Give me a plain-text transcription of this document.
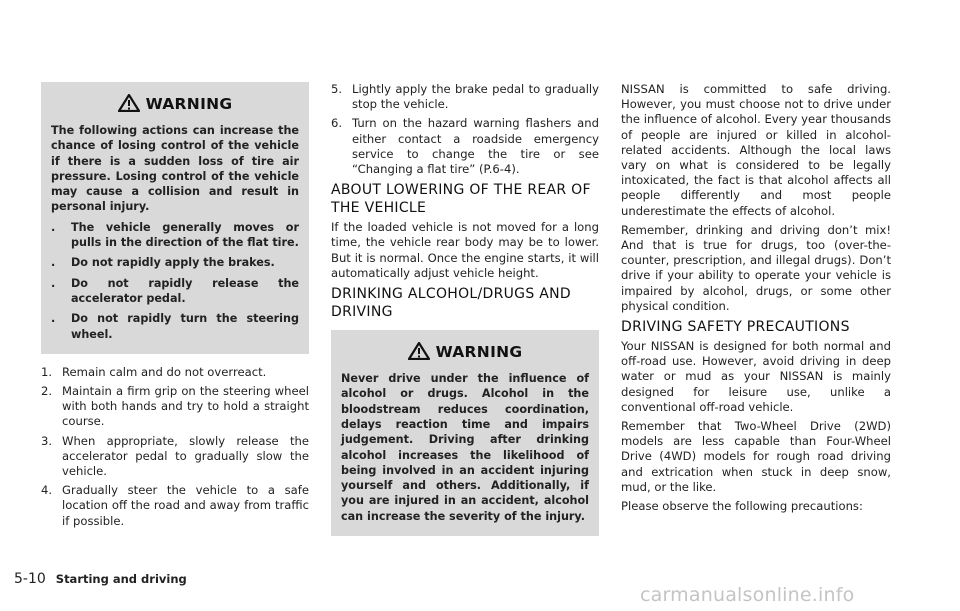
WARNING
The following actions can increase the chance of losing control of the vehicle if there is a sudden loss of tire air pressure. Losing control of the vehicle may cause a collision and result in personal injury.
.	The vehicle generally moves or pulls in the direction of the flat tire.
.	Do not rapidly apply the brakes.
.	Do not rapidly release the accelerator pedal.
.	Do not rapidly turn the steering wheel.
1. Remain calm and do not overreact.
2. Maintain a firm grip on the steering wheel with both hands and try to hold a straight course.
3. When appropriate, slowly release the accelerator pedal to gradually slow the vehicle.
4. Gradually steer the vehicle to a safe location off the road and away from traffic if possible.
5. Lightly apply the brake pedal to gradually stop the vehicle.
6. Turn on the hazard warning flashers and either contact a roadside emergency service to change the tire or see “Changing a flat tire” (P.6-4).
ABOUT LOWERING OF THE REAR OF THE VEHICLE

If the loaded vehicle is not moved for a long time, the vehicle rear body may be to lower. But it is normal. Once the engine starts, it will automatically adjust vehicle height.

DRINKING ALCOHOL/DRUGS AND DRIVING
WARNING
Never drive under the influence of alcohol or drugs. Alcohol in the bloodstream reduces coordination, delays reaction time and impairs judgement. Driving after drinking alcohol increases the likelihood of being involved in an accident injuring yourself and others. Additionally, if you are injured in an accident, alcohol can increase the severity of the injury.

NISSAN is committed to safe driving. However, you must choose not to drive under the influence of alcohol. Every year thousands of people are injured or killed in alcohol-related accidents. Although the local laws vary on what is considered to be legally intoxicated, the fact is that alcohol affects all people differently and most people underestimate the effects of alcohol.

Remember, drinking and driving don’t mix! And that is true for drugs, too (over-the-counter, prescription, and illegal drugs). Don’t drive if your ability to operate your vehicle is impaired by alcohol, drugs, or some other physical condition.

DRIVING SAFETY PRECAUTIONS

Your NISSAN is designed for both normal and off-road use. However, avoid driving in deep water or mud as your NISSAN is mainly designed for leisure use, unlike a conventional off-road vehicle.

Remember that Two-Wheel Drive (2WD) models are less capable than Four-Wheel Drive (4WD) models for rough road driving and extrication when stuck in deep snow, mud, or the like.

Please observe the following precautions:

5-10 Starting and driving
carmanualsonline.info
